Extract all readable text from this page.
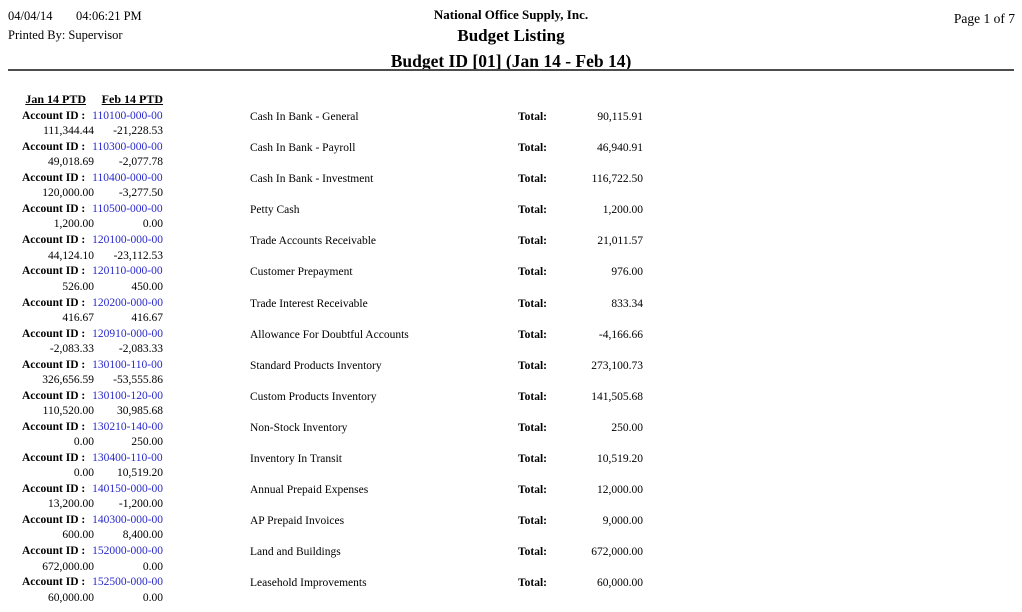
04/04/14 04:06:21 PM
Printed By: Supervisor
Page 1 of 7
National Office Supply, Inc.
Budget Listing
Budget ID [01] (Jan 14 - Feb 14)
Jan 14 PTD	Feb 14 PTD
Account ID : 110100-000-00
111,344.44	-21,228.53
Cash In Bank - General	Total:	90,115.91
Account ID : 110300-000-00
49,018.69	-2,077.78
Cash In Bank - Payroll	Total:	46,940.91
Account ID : 110400-000-00
120,000.00	-3,277.50
Cash In Bank - Investment	Total:	116,722.50
Account ID : 110500-000-00
1,200.00	0.00
Petty Cash	Total:	1,200.00
Account ID : 120100-000-00
44,124.10	-23,112.53
Trade Accounts Receivable	Total:	21,011.57
Account ID : 120110-000-00
526.00	450.00
Customer Prepayment	Total:	976.00
Account ID : 120200-000-00
416.67	416.67
Trade Interest Receivable	Total:	833.34
Account ID : 120910-000-00
-2,083.33	-2,083.33
Allowance For Doubtful Accounts	Total:	-4,166.66
Account ID : 130100-110-00
326,656.59	-53,555.86
Standard Products Inventory	Total:	273,100.73
Account ID : 130100-120-00
110,520.00	30,985.68
Custom Products Inventory	Total:	141,505.68
Account ID : 130210-140-00
0.00	250.00
Non-Stock Inventory	Total:	250.00
Account ID : 130400-110-00
0.00	10,519.20
Inventory In Transit	Total:	10,519.20
Account ID : 140150-000-00
13,200.00	-1,200.00
Annual Prepaid Expenses	Total:	12,000.00
Account ID : 140300-000-00
600.00	8,400.00
AP Prepaid Invoices	Total:	9,000.00
Account ID : 152000-000-00
672,000.00	0.00
Land and Buildings	Total:	672,000.00
Account ID : 152500-000-00
60,000.00	0.00
Leasehold Improvements	Total:	60,000.00
